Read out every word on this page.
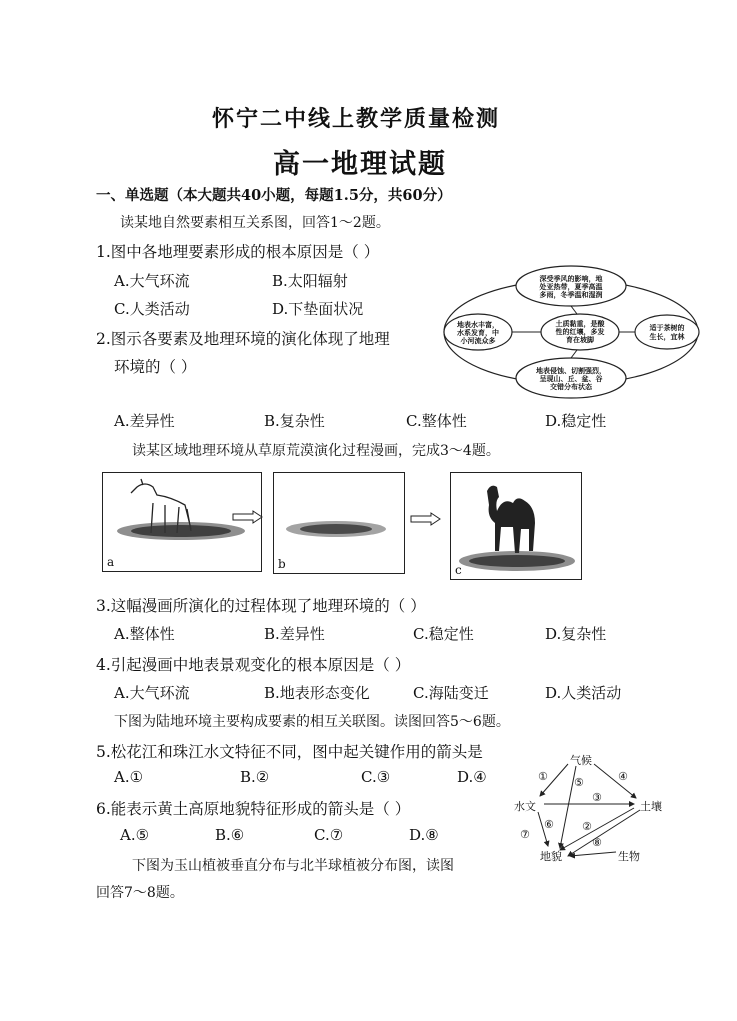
怀宁二中线上教学质量检测
高一地理试题
一、单选题（本大题共40小题，每题1.5分，共60分）
读某地自然要素相互关系图，回答1～2题。
1.图中各地理要素形成的根本原因是（ ）
A.大气环流	B.太阳辐射
C.人类活动	D.下垫面状况
2.图示各要素及地理环境的演化体现了地理
环境的（ ）
A.差异性	B.复杂性	C.整体性	D.稳定性
深受季风的影响，地
处亚热带，夏季高温
多雨，冬季温和湿润
地表水丰富，
水系发育，中
小河流众多
土质黏重，是酸
性的红壤，多发
育在坡脚
适于茶树的
生长，宜林
地表侵蚀、切割强烈，
呈现山、丘、盆、谷
交错分布状态
读某区域地理环境从草原荒漠演化过程漫画，完成3～4题。
a	b	c
3.这幅漫画所演化的过程体现了地理环境的（ ）
A.整体性	B.差异性	C.稳定性	D.复杂性
4.引起漫画中地表景观变化的根本原因是（ ）
A.大气环流	B.地表形态变化	C.海陆变迁	D.人类活动
下图为陆地环境主要构成要素的相互关联图。读图回答5～6题。
5.松花江和珠江水文特征不同，图中起关键作用的箭头是
A.①	B.②	C.③	D.④
6.能表示黄土高原地貌特征形成的箭头是（ ）
A.⑤	B.⑥	C.⑦	D.⑧
气候
水文	土壤
地貌	生物
①	④
⑤
③
⑥
⑦
②
⑧
下图为玉山植被垂直分布与北半球植被分布图，读图
回答7～8题。
